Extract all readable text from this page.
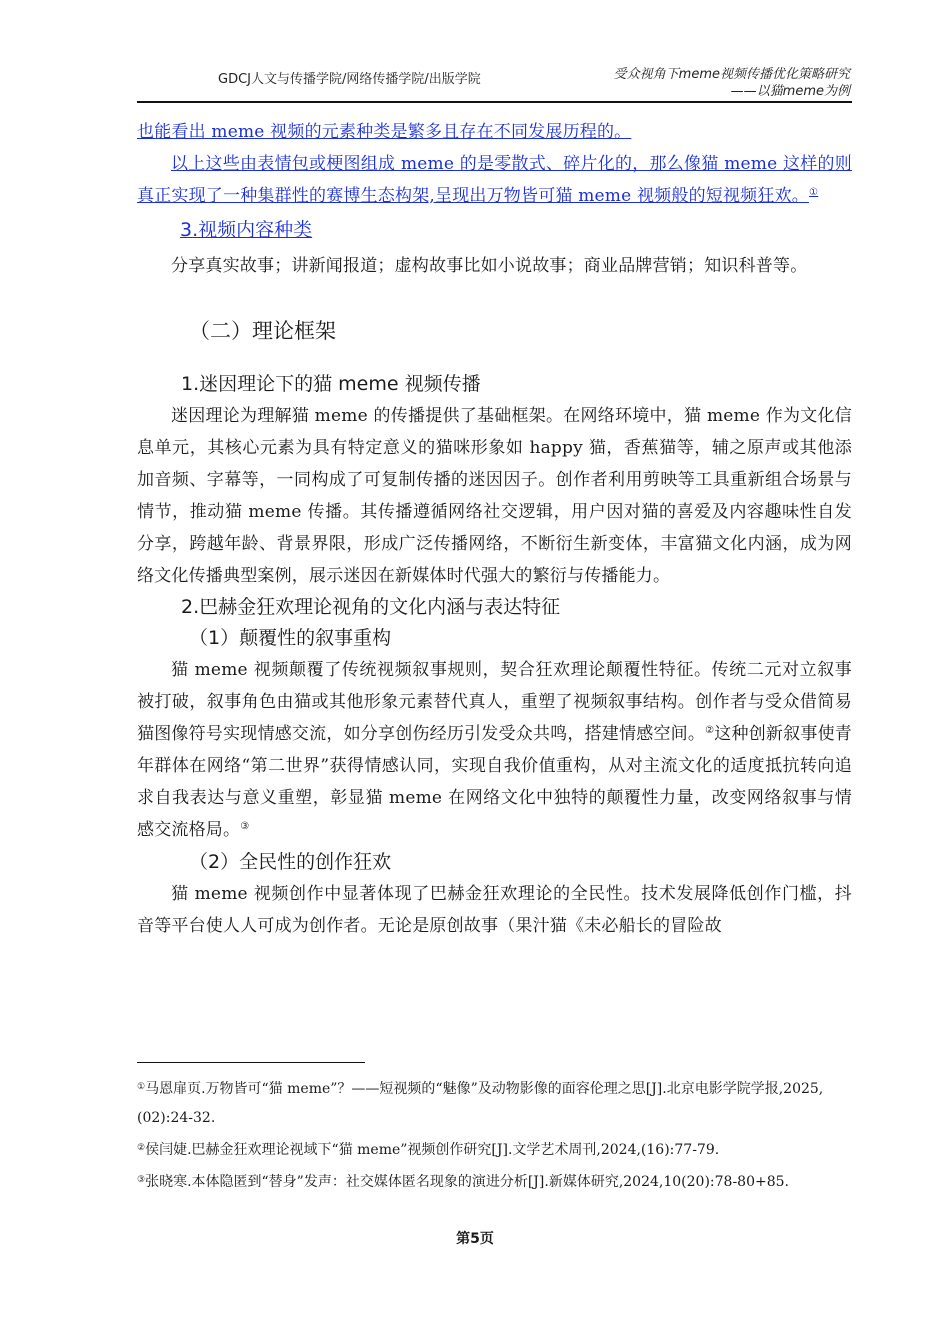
GDCJ人文与传播学院/网络传播学院/出版学院	受众视角下meme视频传播优化策略研究
——以猫meme为例

也能看出 meme 视频的元素种类是繁多且存在不同发展历程的。

以上这些由表情包或梗图组成 meme 的是零散式、碎片化的，那么像猫 meme 这样的则真正实现了一种集群性的赛博生态构架,呈现出万物皆可猫 meme 视频般的短视频狂欢。①

3.视频内容种类

分享真实故事；讲新闻报道；虚构故事比如小说故事；商业品牌营销；知识科普等。

（二）理论框架
1.迷因理论下的猫 meme 视频传播

迷因理论为理解猫 meme 的传播提供了基础框架。在网络环境中，猫 meme 作为文化信息单元，其核心元素为具有特定意义的猫咪形象如 happy 猫，香蕉猫等，辅之原声或其他添加音频、字幕等，一同构成了可复制传播的迷因因子。创作者利用剪映等工具重新组合场景与情节，推动猫 meme 传播。其传播遵循网络社交逻辑，用户因对猫的喜爱及内容趣味性自发分享，跨越年龄、背景界限，形成广泛传播网络，不断衍生新变体，丰富猫文化内涵，成为网络文化传播典型案例，展示迷因在新媒体时代强大的繁衍与传播能力。

2.巴赫金狂欢理论视角的文化内涵与表达特征
（1）颠覆性的叙事重构

猫 meme 视频颠覆了传统视频叙事规则，契合狂欢理论颠覆性特征。传统二元对立叙事被打破，叙事角色由猫或其他形象元素替代真人，重塑了视频叙事结构。创作者与受众借简易猫图像符号实现情感交流，如分享创伤经历引发受众共鸣，搭建情感空间。②这种创新叙事使青年群体在网络“第二世界”获得情感认同，实现自我价值重构，从对主流文化的适度抵抗转向追求自我表达与意义重塑，彰显猫 meme 在网络文化中独特的颠覆性力量，改变网络叙事与情感交流格局。③

（2）全民性的创作狂欢

猫 meme 视频创作中显著体现了巴赫金狂欢理论的全民性。技术发展降低创作门槛，抖音等平台使人人可成为创作者。无论是原创故事（果汁猫《未必船长的冒险故

①马恩扉页.万物皆可“猫 meme”？——短视频的“魅像”及动物影像的面容伦理之思[J].北京电影学院学报,2025,(02):24-32.
②侯闫婕.巴赫金狂欢理论视域下“猫 meme”视频创作研究[J].文学艺术周刊,2024,(16):77-79.
③张晓寒.本体隐匿到“替身”发声：社交媒体匿名现象的演进分析[J].新媒体研究,2024,10(20):78-80+85.
第5页
